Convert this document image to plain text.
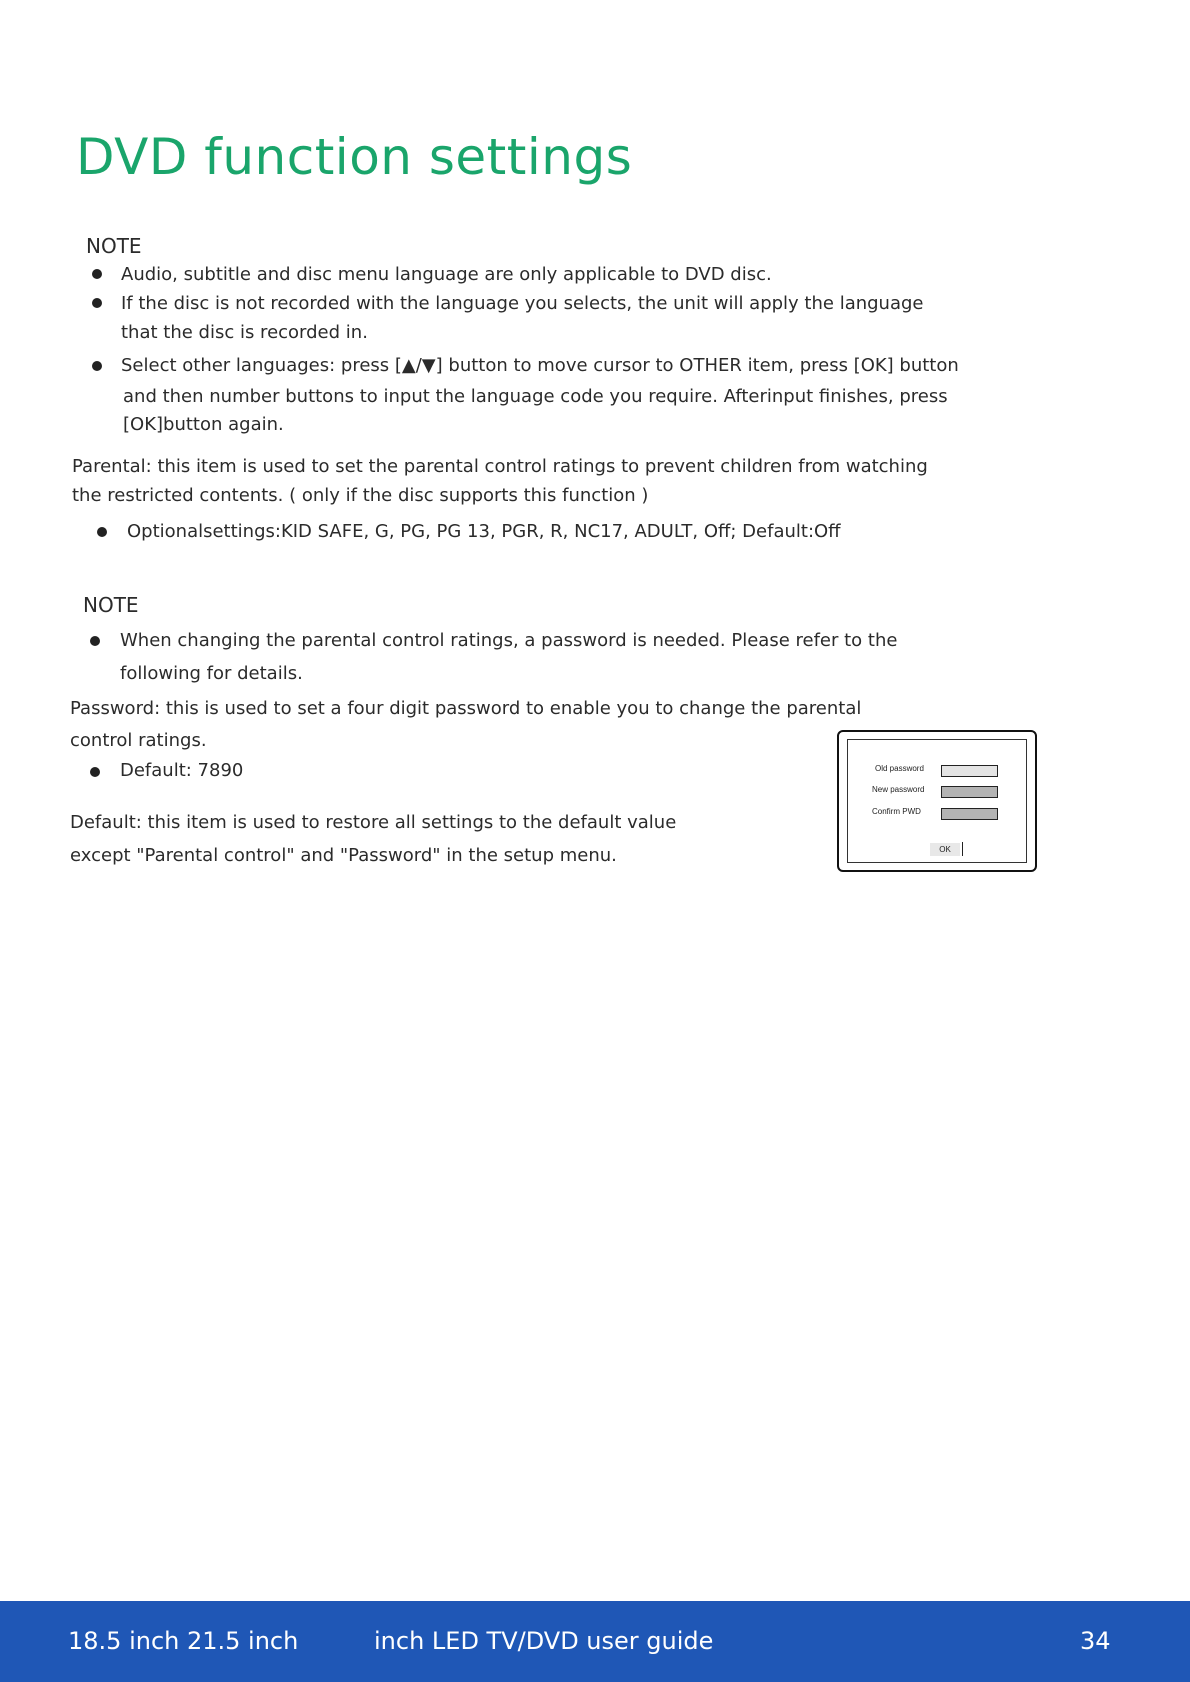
DVD function settings
NOTE
Audio, subtitle and disc menu language are only applicable to DVD disc.
If the disc is not recorded with the language you selects, the unit will apply the language
that the disc is recorded in.
Select other languages: press [▲/▼] button to move cursor to OTHER item, press [OK] button
and then number buttons to input the language code you require. Afterinput finishes, press
[OK]button again.
Parental: this item is used to set the parental control ratings to prevent children from watching
the restricted contents. ( only if the disc supports this function )
Optionalsettings:KID SAFE, G, PG, PG 13, PGR, R, NC17, ADULT, Off; Default:Off
NOTE
When changing the parental control ratings, a password is needed. Please refer to the
following for details.
Password: this is used to set a four digit password to enable you to change the parental
control ratings.
Default: 7890
Default: this item is used to restore all settings to the default value
except "Parental control" and "Password" in the setup menu.
Old password
New password
Confirm PWD
OK
18.5 inch 21.5 inch	inch LED TV/DVD user guide	34
